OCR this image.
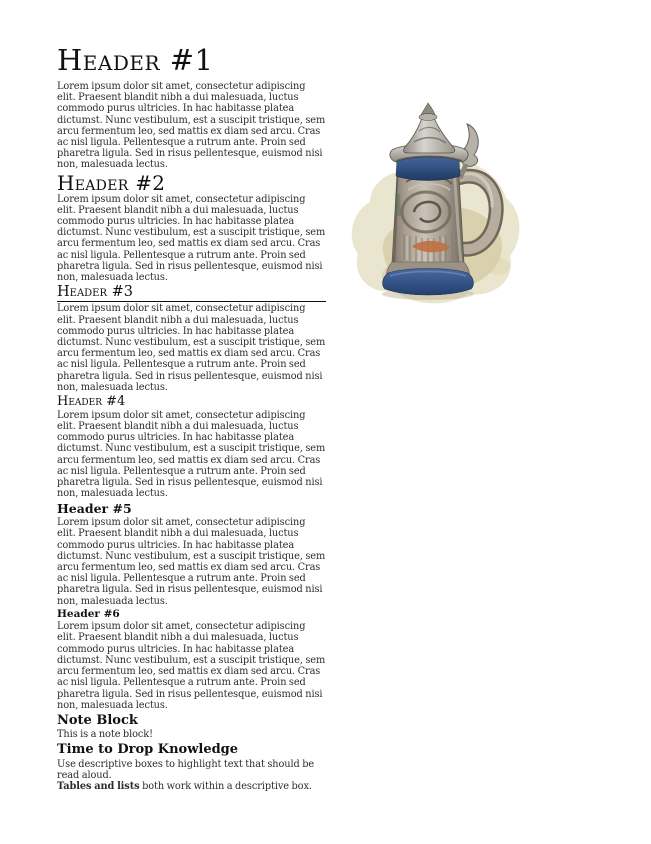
Header #1

Lorem ipsum dolor sit amet, consectetur adipiscing elit. Praesent blandit nibh a dui malesuada, luctus commodo purus ultricies. In hac habitasse platea dictumst. Nunc vestibulum, est a suscipit tristique, sem arcu fermentum leo, sed mattis ex diam sed arcu. Cras ac nisl ligula. Pellentesque a rutrum ante. Proin sed pharetra ligula. Sed in risus pellentesque, euismod nisi non, malesuada lectus.

Header #2

Lorem ipsum dolor sit amet, consectetur adipiscing elit. Praesent blandit nibh a dui malesuada, luctus commodo purus ultricies. In hac habitasse platea dictumst. Nunc vestibulum, est a suscipit tristique, sem arcu fermentum leo, sed mattis ex diam sed arcu. Cras ac nisl ligula. Pellentesque a rutrum ante. Proin sed pharetra ligula. Sed in risus pellentesque, euismod nisi non, malesuada lectus.

Header #3

Lorem ipsum dolor sit amet, consectetur adipiscing elit. Praesent blandit nibh a dui malesuada, luctus commodo purus ultricies. In hac habitasse platea dictumst. Nunc vestibulum, est a suscipit tristique, sem arcu fermentum leo, sed mattis ex diam sed arcu. Cras ac nisl ligula. Pellentesque a rutrum ante. Proin sed pharetra ligula. Sed in risus pellentesque, euismod nisi non, malesuada lectus.

Header #4

Lorem ipsum dolor sit amet, consectetur adipiscing elit. Praesent blandit nibh a dui malesuada, luctus commodo purus ultricies. In hac habitasse platea dictumst. Nunc vestibulum, est a suscipit tristique, sem arcu fermentum leo, sed mattis ex diam sed arcu. Cras ac nisl ligula. Pellentesque a rutrum ante. Proin sed pharetra ligula. Sed in risus pellentesque, euismod nisi non, malesuada lectus.

Header #5

Lorem ipsum dolor sit amet, consectetur adipiscing elit. Praesent blandit nibh a dui malesuada, luctus commodo purus ultricies. In hac habitasse platea dictumst. Nunc vestibulum, est a suscipit tristique, sem arcu fermentum leo, sed mattis ex diam sed arcu. Cras ac nisl ligula. Pellentesque a rutrum ante. Proin sed pharetra ligula. Sed in risus pellentesque, euismod nisi non, malesuada lectus.

Header #6

Lorem ipsum dolor sit amet, consectetur adipiscing elit. Praesent blandit nibh a dui malesuada, luctus commodo purus ultricies. In hac habitasse platea dictumst. Nunc vestibulum, est a suscipit tristique, sem arcu fermentum leo, sed mattis ex diam sed arcu. Cras ac nisl ligula. Pellentesque a rutrum ante. Proin sed pharetra ligula. Sed in risus pellentesque, euismod nisi non, malesuada lectus.

Note Block

This is a note block!

Time to Drop Knowledge

Use descriptive boxes to highlight text that should be read aloud.

Tables and lists both work within a descriptive box.
